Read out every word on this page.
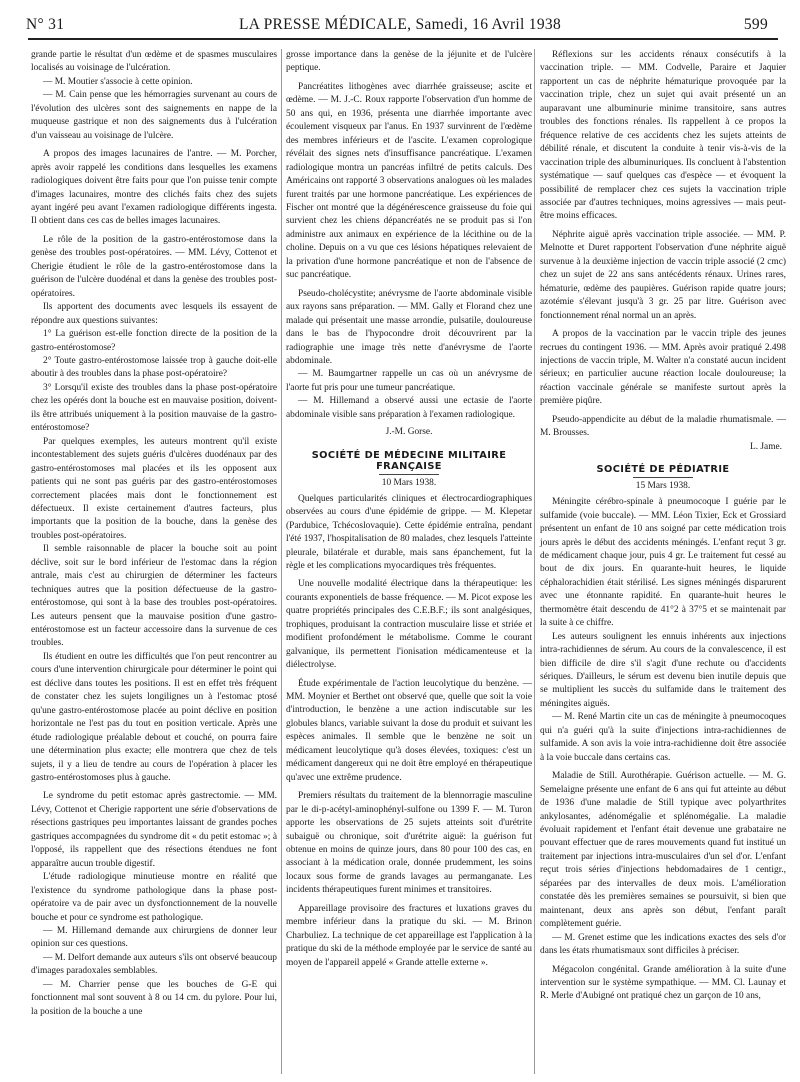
N° 31	LA PRESSE MÉDICALE, Samedi, 16 Avril 1938	599

grande partie le résultat d'un œdème et de spasmes musculaires localisés au voisinage de l'ulcération.

— M. Moutier s'associe à cette opinion.

— M. Cain pense que les hémorragies survenant au cours de l'évolution des ulcères sont des saignements en nappe de la muqueuse gastrique et non des saignements dus à l'ulcération d'un vaisseau au voisinage de l'ulcère.

A propos des images lacunaires de l'antre. — M. Porcher, après avoir rappelé les conditions dans lesquelles les examens radiologiques doivent être faits pour que l'on puisse tenir compte d'images lacunaires, montre des clichés faits chez des sujets ayant ingéré peu avant l'examen radiologique différents ingesta. Il obtient dans ces cas de belles images lacunaires.

Le rôle de la position de la gastro-entérostomose dans la genèse des troubles post-opératoires. — MM. Lévy, Cottenot et Cherigie étudient le rôle de la gastro-entérostomose dans la guérison de l'ulcère duodénal et dans la genèse des troubles post-opératoires.

Ils apportent des documents avec lesquels ils essayent de répondre aux questions suivantes:

1° La guérison est-elle fonction directe de la position de la gastro-entérostomose?

2° Toute gastro-entérostomose laissée trop à gauche doit-elle aboutir à des troubles dans la phase post-opératoire?

3° Lorsqu'il existe des troubles dans la phase post-opératoire chez les opérés dont la bouche est en mauvaise position, doivent-ils être attribués uniquement à la position mauvaise de la gastro-entérostomose?

Par quelques exemples, les auteurs montrent qu'il existe incontestablement des sujets guéris d'ulcères duodénaux par des gastro-entérostomoses mal placées et ils les opposent aux patients qui ne sont pas guéris par des gastro-entérostomoses correctement placées mais dont le fonctionnement est défectueux. Il existe certainement d'autres facteurs, plus importants que la position de la bouche, dans la genèse des troubles post-opératoires.

Il semble raisonnable de placer la bouche soit au point déclive, soit sur le bord inférieur de l'estomac dans la région antrale, mais c'est au chirurgien de déterminer les facteurs techniques autres que la position défectueuse de la gastro-entérostomose, qui sont à la base des troubles post-opératoires. Les auteurs pensent que la mauvaise position d'une gastro-entérostomose est un facteur accessoire dans la survenue de ces troubles.

Ils étudient en outre les difficultés que l'on peut rencontrer au cours d'une intervention chirurgicale pour déterminer le point qui est déclive dans toutes les positions. Il est en effet très fréquent de constater chez les sujets longilignes un à l'estomac ptosé qu'une gastro-entérostomose placée au point déclive en position horizontale ne l'est pas du tout en position verticale. Après une étude radiologique préalable debout et couché, on pourra faire une détermination plus exacte; elle montrera que chez de tels sujets, il y a lieu de tendre au cours de l'opération à placer les gastro-entérostomoses plus à gauche.

Le syndrome du petit estomac après gastrectomie. — MM. Lévy, Cottenot et Cherigie rapportent une série d'observations de résections gastriques peu importantes laissant de grandes poches gastriques accompagnées du syndrome dit « du petit estomac »; à l'opposé, ils rappellent que des résections étendues ne font apparaître aucun trouble digestif.

L'étude radiologique minutieuse montre en réalité que l'existence du syndrome pathologique dans la phase post-opératoire va de pair avec un dysfonctionnement de la nouvelle bouche et pour ce syndrome est pathologique.

— M. Hillemand demande aux chirurgiens de donner leur opinion sur ces questions.

— M. Delfort demande aux auteurs s'ils ont observé beaucoup d'images paradoxales semblables.

— M. Charrier pense que les bouches de G-E qui fonctionnent mal sont souvent à 8 ou 14 cm. du pylore. Pour lui, la position de la bouche a une

grosse importance dans la genèse de la jéjunite et de l'ulcère peptique.

Pancréatites lithogènes avec diarrhée graisseuse; ascite et œdème. — M. J.-C. Roux rapporte l'observation d'un homme de 50 ans qui, en 1936, présenta une diarrhée importante avec écoulement visqueux par l'anus. En 1937 survinrent de l'œdème des membres inférieurs et de l'ascite. L'examen coprologique révélait des signes nets d'insuffisance pancréatique. L'examen radiologique montra un pancréas infiltré de petits calculs. Des Américains ont rapporté 3 observations analogues où les malades furent traités par une hormone pancréatique. Les expériences de Fischer ont montré que la dégénérescence graisseuse du foie qui survient chez les chiens dépancréatés ne se produit pas si l'on administre aux animaux en expérience de la lécithine ou de la choline. Depuis on a vu que ces lésions hépatiques relevaient de la privation d'une hormone pancréatique et non de l'absence de suc pancréatique.

Pseudo-cholécystite; anévrysme de l'aorte abdominale visible aux rayons sans préparation. — MM. Gally et Florand chez une malade qui présentait une masse arrondie, pulsatile, douloureuse dans le bas de l'hypocondre droit découvrirent par la radiographie une image très nette d'anévrysme de l'aorte abdominale.

— M. Baumgartner rappelle un cas où un anévrysme de l'aorte fut pris pour une tumeur pancréatique.

— M. Hillemand a observé aussi une ectasie de l'aorte abdominale visible sans préparation à l'examen radiologique.

J.-M. Gorse.

SOCIÉTÉ DE MÉDECINE MILITAIRE FRANÇAISE
10 Mars 1938.

Quelques particularités cliniques et électrocardiographiques observées au cours d'une épidémie de grippe. — M. Klepetar (Pardubice, Tchécoslovaquie). Cette épidémie entraîna, pendant l'été 1937, l'hospitalisation de 80 malades, chez lesquels l'atteinte pleurale, bilatérale et durable, mais sans épanchement, fut la règle et les complications myocardiques très fréquentes.

Une nouvelle modalité électrique dans la thérapeutique: les courants exponentiels de basse fréquence. — M. Picot expose les quatre propriétés principales des C.E.B.F.; ils sont analgésiques, trophiques, produisant la contraction musculaire lisse et striée et modifient profondément le métabolisme. Comme le courant galvanique, ils permettent l'ionisation médicamenteuse et la diélectrolyse.

Étude expérimentale de l'action leucolytique du benzène. — MM. Moynier et Berthet ont observé que, quelle que soit la voie d'introduction, le benzène a une action indiscutable sur les globules blancs, variable suivant la dose du produit et suivant les espèces animales. Il semble que le benzène ne soit un médicament leucolytique qu'à doses élevées, toxiques: c'est un médicament dangereux qui ne doit être employé en thérapeutique qu'avec une extrême prudence.

Premiers résultats du traitement de la blennorragie masculine par le di-p-acétyl-aminophényl-sulfone ou 1399 F. — M. Turon apporte les observations de 25 sujets atteints soit d'urétrite subaiguë ou chronique, soit d'urétrite aiguë: la guérison fut obtenue en moins de quinze jours, dans 80 pour 100 des cas, en associant à la médication orale, donnée prudemment, les soins locaux sous forme de grands lavages au permanganate. Les incidents thérapeutiques furent minimes et transitoires.

Appareillage provisoire des fractures et luxations graves du membre inférieur dans la pratique du ski. — M. Brinon Charbuliez. La technique de cet appareillage est l'application à la pratique du ski de la méthode employée par le service de santé au moyen de l'appareil appelé « Grande attelle externe ».

Réflexions sur les accidents rénaux consécutifs à la vaccination triple. — MM. Codvelle, Paraire et Jaquier rapportent un cas de néphrite hématurique provoquée par la vaccination triple, chez un sujet qui avait présenté un an auparavant une albuminurie minime transitoire, sans autres troubles des fonctions rénales. Ils rappellent à ce propos la fréquence relative de ces accidents chez les sujets atteints de débilité rénale, et discutent la conduite à tenir vis-à-vis de la vaccination triple des albuminuriques. Ils concluent à l'abstention systématique — sauf quelques cas d'espèce — et évoquent la possibilité de remplacer chez ces sujets la vaccination triple associée par d'autres techniques, moins agressives — mais peut-être moins efficaces.

Néphrite aiguë après vaccination triple associée. — MM. P. Melnotte et Duret rapportent l'observation d'une néphrite aiguë survenue à la deuxième injection de vaccin triple associé (2 cmc) chez un sujet de 22 ans sans antécédents rénaux. Urines rares, hématurie, œdème des paupières. Guérison rapide quatre jours; azotémie s'élevant jusqu'à 3 gr. 25 par litre. Guérison avec fonctionnement rénal normal un an après.

A propos de la vaccination par le vaccin triple des jeunes recrues du contingent 1936. — MM. Après avoir pratiqué 2.498 injections de vaccin triple, M. Walter n'a constaté aucun incident sérieux; en particulier aucune réaction locale douloureuse; la réaction vaccinale générale se manifeste surtout après la première piqûre.

Pseudo-appendicite au début de la maladie rhumatismale. — M. Brousses.

L. Jame.

SOCIÉTÉ DE PÉDIATRIE
15 Mars 1938.

Méningite cérébro-spinale à pneumocoque I guérie par le sulfamide (voie buccale). — MM. Léon Tixier, Eck et Grossiard présentent un enfant de 10 ans soigné par cette médication trois jours après le début des accidents méningés. L'enfant reçut 3 gr. de médicament chaque jour, puis 4 gr. Le traitement fut cessé au bout de dix jours. En quarante-huit heures, le liquide céphalorachidien était stérilisé. Les signes méningés disparurent avec une étonnante rapidité. En quarante-huit heures le thermomètre était descendu de 41°2 à 37°5 et se maintenait par la suite à ce chiffre.

Les auteurs soulignent les ennuis inhérents aux injections intra-rachidiennes de sérum. Au cours de la convalescence, il est bien difficile de dire s'il s'agit d'une rechute ou d'accidents sériques. D'ailleurs, le sérum est devenu bien inutile depuis que se multiplient les succès du sulfamide dans le traitement des méningites aiguës.

— M. René Martin cite un cas de méningite à pneumocoques qui n'a guéri qu'à la suite d'injections intra-rachidiennes de sulfamide. A son avis la voie intra-rachidienne doit être associée à la voie buccale dans certains cas.

Maladie de Still. Aurothérapie. Guérison actuelle. — M. G. Semelaigne présente une enfant de 6 ans qui fut atteinte au début de 1936 d'une maladie de Still typique avec polyarthrites ankylosantes, adénomégalie et splénomégalie. La maladie évoluait rapidement et l'enfant était devenue une grabataire ne pouvant effectuer que de rares mouvements quand fut institué un traitement par injections intra-musculaires d'un sel d'or. L'enfant reçut trois séries d'injections hebdomadaires de 1 centigr., séparées par des intervalles de deux mois. L'amélioration constatée dès les premières semaines se poursuivit, si bien que maintenant, deux ans après son début, l'enfant paraît complètement guérie.

— M. Grenet estime que les indications exactes des sels d'or dans les états rhumatismaux sont difficiles à préciser.

Mégacolon congénital. Grande amélioration à la suite d'une intervention sur le système sympathique. — MM. Cl. Launay et R. Merle d'Aubigné ont pratiqué chez un garçon de 10 ans,
